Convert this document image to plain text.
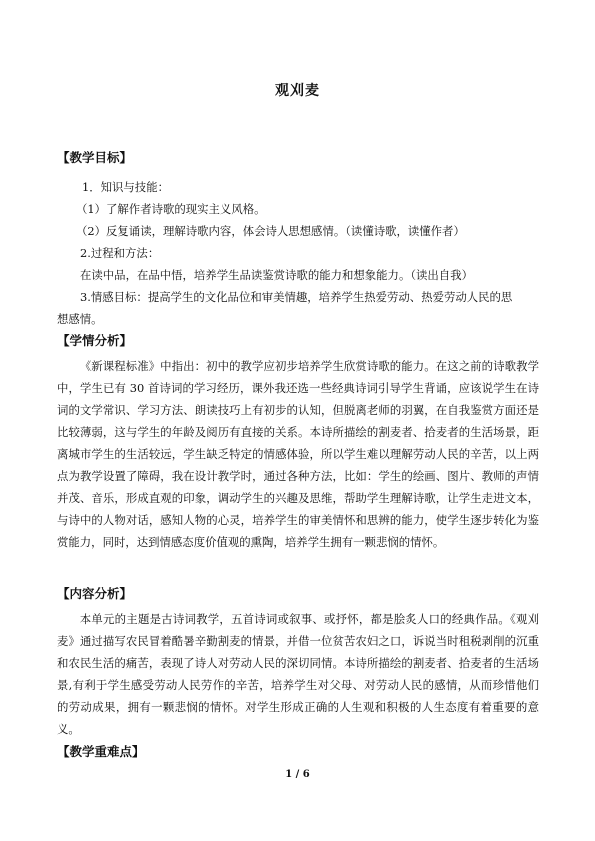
观刈麦
【教学目标】
1．知识与技能：
（1）了解作者诗歌的现实主义风格。
（2）反复诵读，理解诗歌内容，体会诗人思想感情。（读懂诗歌，读懂作者）
2.过程和方法：
在读中品，在品中悟，培养学生品读鉴赏诗歌的能力和想象能力。（读出自我）
3.情感目标：提高学生的文化品位和审美情趣，培养学生热爱劳动、热爱劳动人民的思
想感情。
【学情分析】
《新课程标准》中指出：初中的教学应初步培养学生欣赏诗歌的能力。在这之前的诗歌教学中，学生已有 30 首诗词的学习经历，课外我还选一些经典诗词引导学生背诵，应该说学生在诗词的文学常识、学习方法、朗读技巧上有初步的认知，但脱离老师的羽翼，在自我鉴赏方面还是比较薄弱，这与学生的年龄及阅历有直接的关系。本诗所描绘的割麦者、拾麦者的生活场景，距离城市学生的生活较远，学生缺乏特定的情感体验，所以学生难以理解劳动人民的辛苦，以上两点为教学设置了障碍，我在设计教学时，通过各种方法，比如：学生的绘画、图片、教师的声情并茂、音乐，形成直观的印象，调动学生的兴趣及思维，帮助学生理解诗歌，让学生走进文本，与诗中的人物对话，感知人物的心灵，培养学生的审美情怀和思辨的能力，使学生逐步转化为鉴赏能力，同时，达到情感态度价值观的熏陶，培养学生拥有一颗悲悯的情怀。
【内容分析】
本单元的主题是古诗词教学，五首诗词或叙事、或抒怀，都是脍炙人口的经典作品。《观刈麦》通过描写农民冒着酷暑辛勤割麦的情景，并借一位贫苦农妇之口，诉说当时租税剥削的沉重和农民生活的痛苦，表现了诗人对劳动人民的深切同情。本诗所描绘的割麦者、拾麦者的生活场景,有利于学生感受劳动人民劳作的辛苦，培养学生对父母、对劳动人民的感情，从而珍惜他们的劳动成果，拥有一颗悲悯的情怀。对学生形成正确的人生观和积极的人生态度有着重要的意义。
【教学重难点】
1 / 6
